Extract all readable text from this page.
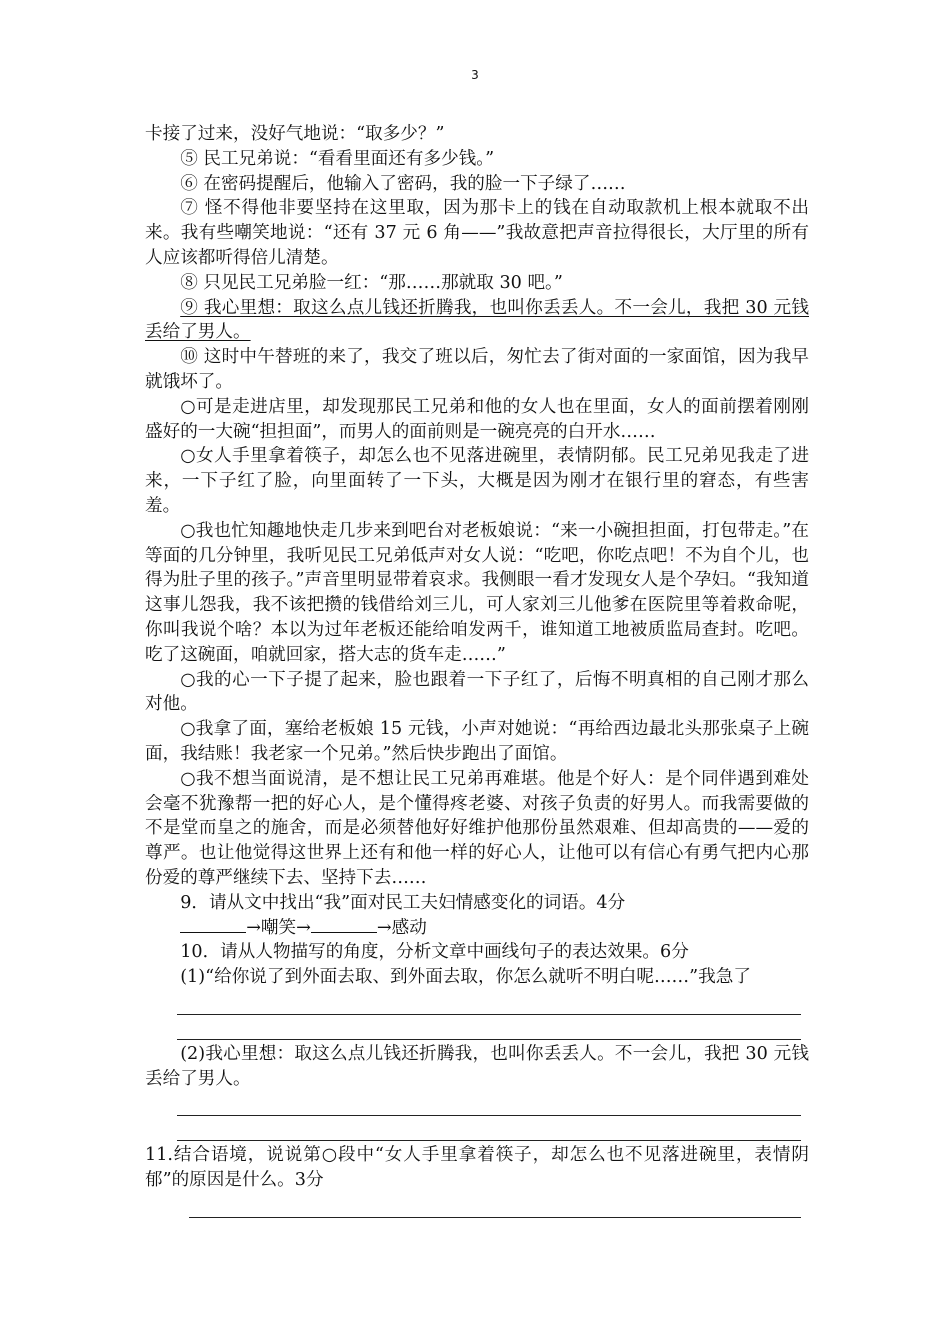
3

卡接了过来，没好气地说：“取多少？”

⑤ 民工兄弟说：“看看里面还有多少钱。”

⑥ 在密码提醒后，他输入了密码，我的脸一下子绿了……

⑦ 怪不得他非要坚持在这里取，因为那卡上的钱在自动取款机上根本就取不出来。我有些嘲笑地说：“还有 37 元 6 角——”我故意把声音拉得很长，大厅里的所有人应该都听得倍儿清楚。

⑧ 只见民工兄弟脸一红：“那……那就取 30 吧。”

⑨ 我心里想：取这么点儿钱还折腾我，也叫你丢丢人。不一会儿，我把 30 元钱丢给了男人。

⑩ 这时中午替班的来了，我交了班以后，匆忙去了街对面的一家面馆，因为我早就饿坏了。

○可是走进店里，却发现那民工兄弟和他的女人也在里面，女人的面前摆着刚刚盛好的一大碗“担担面”，而男人的面前则是一碗亮亮的白开水……

○女人手里拿着筷子，却怎么也不见落进碗里，表情阴郁。民工兄弟见我走了进来，一下子红了脸，向里面转了一下头，大概是因为刚才在银行里的窘态，有些害羞。

○我也忙知趣地快走几步来到吧台对老板娘说：“来一小碗担担面，打包带走。”在等面的几分钟里，我听见民工兄弟低声对女人说：“吃吧，你吃点吧！不为自个儿，也得为肚子里的孩子。”声音里明显带着哀求。我侧眼一看才发现女人是个孕妇。“我知道这事儿怨我，我不该把攒的钱借给刘三儿，可人家刘三儿他爹在医院里等着救命呢，你叫我说个啥？本以为过年老板还能给咱发两千，谁知道工地被质监局查封。吃吧。吃了这碗面，咱就回家，搭大志的货车走……”

○我的心一下子提了起来，脸也跟着一下子红了，后悔不明真相的自己刚才那么对他。

○我拿了面，塞给老板娘 15 元钱，小声对她说：“再给西边最北头那张桌子上碗面，我结账！我老家一个兄弟。”然后快步跑出了面馆。

○我不想当面说清，是不想让民工兄弟再难堪。他是个好人：是个同伴遇到难处会毫不犹豫帮一把的好心人，是个懂得疼老婆、对孩子负责的好男人。而我需要做的不是堂而皇之的施舍，而是必须替他好好维护他那份虽然艰难、但却高贵的——爱的尊严。也让他觉得这世界上还有和他一样的好心人，让他可以有信心有勇气把内心那份爱的尊严继续下去、坚持下去……

9．请从文中找出“我”面对民工夫妇情感变化的词语。4分

→嘲笑→	→感动

10．请从人物描写的角度，分析文章中画线句子的表达效果。6分

(1)“给你说了到外面去取、到外面去取，你怎么就听不明白呢……”我急了

(2)我心里想：取这么点儿钱还折腾我，也叫你丢丢人。不一会儿，我把 30 元钱丢给了男人。

11.结合语境，说说第○段中“女人手里拿着筷子，却怎么也不见落进碗里，表情阴郁”的原因是什么。3分
